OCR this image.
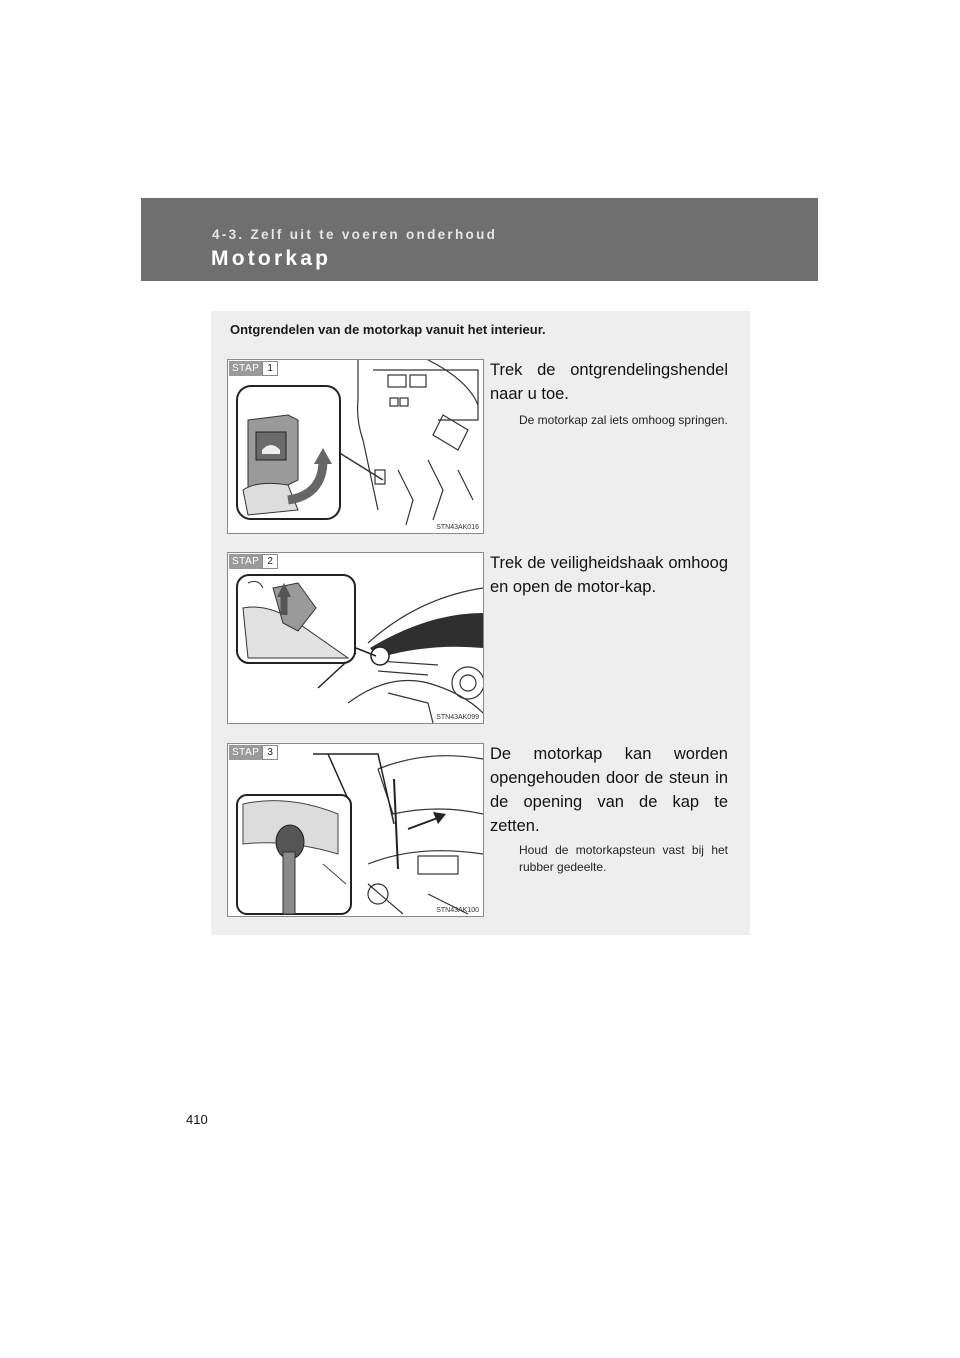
4-3. Zelf uit te voeren onderhoud
Motorkap
Ontgrendelen van de motorkap vanuit het interieur.
STAP 1
STN43AK016
Trek de ontgrendelingshendel naar u toe.
De motorkap zal iets omhoog springen.
STAP 2
STN43AK099
Trek de veiligheidshaak omhoog en open de motor-kap.
STAP 3
STN43AK100
De motorkap kan worden opengehouden door de steun in de opening van de kap te zetten.
Houd de motorkapsteun vast bij het rubber gedeelte.
410
